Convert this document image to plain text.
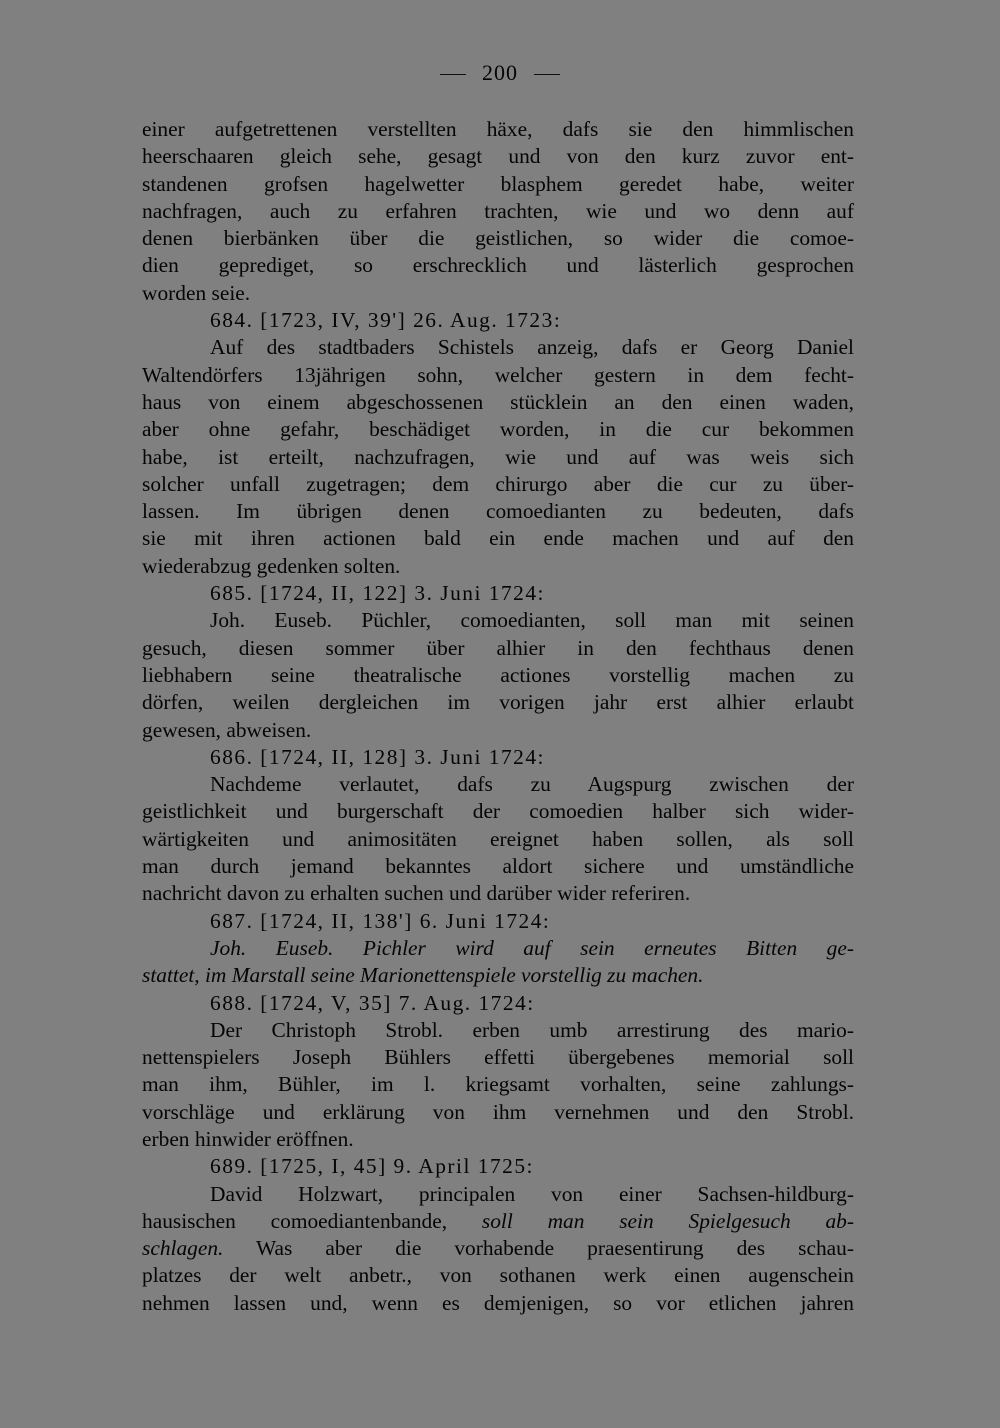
200
einer aufgetrettenen verstellten häxe, dafs sie den himmlischen
heerschaaren gleich sehe, gesagt und von den kurz zuvor ent-
standenen grofsen hagelwetter blasphem geredet habe, weiter
nachfragen, auch zu erfahren trachten, wie und wo denn auf
denen bierbänken über die geistlichen, so wider die comoe-
dien geprediget, so erschrecklich und lästerlich gesprochen
worden seie.
684. [1723, IV, 39'] 26. Aug. 1723:
Auf des stadtbaders Schistels anzeig, dafs er Georg Daniel
Waltendörfers 13jährigen sohn, welcher gestern in dem fecht-
haus von einem abgeschossenen stücklein an den einen waden,
aber ohne gefahr, beschädiget worden, in die cur bekommen
habe, ist erteilt, nachzufragen, wie und auf was weis sich
solcher unfall zugetragen; dem chirurgo aber die cur zu über-
lassen. Im übrigen denen comoedianten zu bedeuten, dafs
sie mit ihren actionen bald ein ende machen und auf den
wiederabzug gedenken solten.
685. [1724, II, 122] 3. Juni 1724:
Joh. Euseb. Püchler, comoedianten, soll man mit seinen
gesuch, diesen sommer über alhier in den fechthaus denen
liebhabern seine theatralische actiones vorstellig machen zu
dörfen, weilen dergleichen im vorigen jahr erst alhier erlaubt
gewesen, abweisen.
686. [1724, II, 128] 3. Juni 1724:
Nachdeme verlautet, dafs zu Augspurg zwischen der
geistlichkeit und burgerschaft der comoedien halber sich wider-
wärtigkeiten und animositäten ereignet haben sollen, als soll
man durch jemand bekanntes aldort sichere und umständliche
nachricht davon zu erhalten suchen und darüber wider referiren.
687. [1724, II, 138'] 6. Juni 1724:
Joh. Euseb. Pichler wird auf sein erneutes Bitten ge-
stattet, im Marstall seine Marionettenspiele vorstellig zu machen.
688. [1724, V, 35] 7. Aug. 1724:
Der Christoph Strobl. erben umb arrestirung des mario-
nettenspielers Joseph Bühlers effetti übergebenes memorial soll
man ihm, Bühler, im l. kriegsamt vorhalten, seine zahlungs-
vorschläge und erklärung von ihm vernehmen und den Strobl.
erben hinwider eröffnen.
689. [1725, I, 45] 9. April 1725:
David Holzwart, principalen von einer Sachsen-hildburg-
hausischen comoediantenbande, soll man sein Spielgesuch ab-
schlagen. Was aber die vorhabende praesentirung des schau-
platzes der welt anbetr., von sothanen werk einen augenschein
nehmen lassen und, wenn es demjenigen, so vor etlichen jahren
